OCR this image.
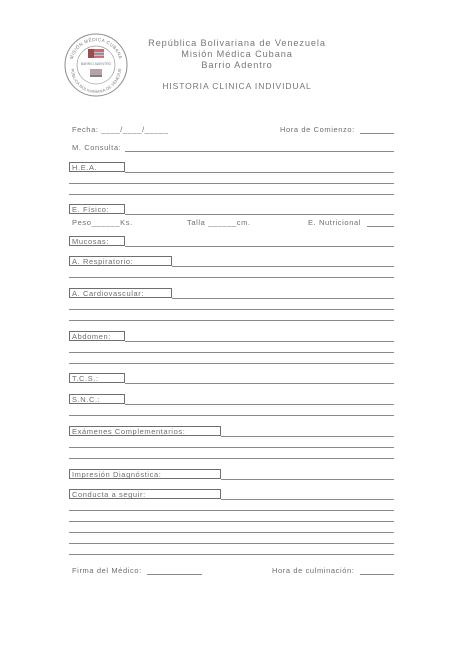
MISIÓN MÉDICA CUBANA
PÚBLICA BOLIVARIANA DE VENEZUE
BARRIO ADENTRO
República Bolivariana de Venezuela
Misión Médica Cubana
Barrio Adentro
HISTORIA CLINICA INDIVIDUAL
Fecha: ____/____/_____	Hora de Comienzo:
M. Consulta:
H.E.A.
E. Físico:
Peso______Ks.	Talla ______cm.	E. Nutricional
Mucosas:
A. Respiratorio:
A. Cardiovascular:
Abdomen:
T.C.S.:
S.N.C.:
Exámenes Complementarios:
Impresión Diagnóstica:
Conducta a seguir:
Firma del Médico:	Hora de culminación:
